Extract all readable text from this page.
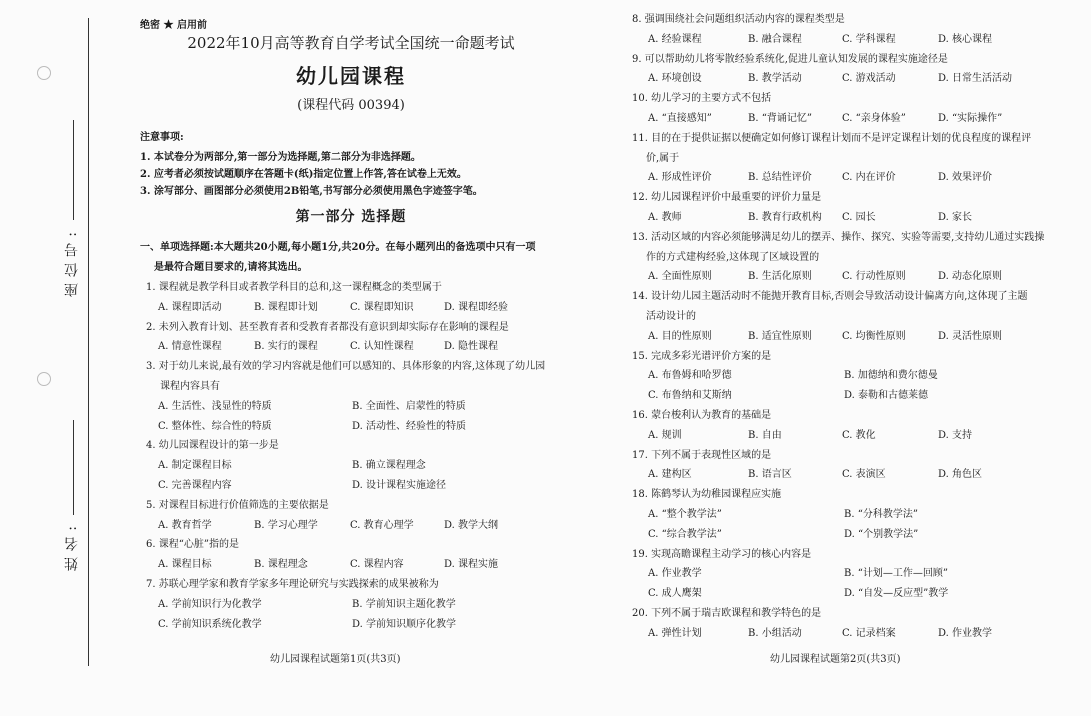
座位号:
姓名:
绝密 ★ 启用前
2022年10月高等教育自学考试全国统一命题考试
幼儿园课程
(课程代码 00394)
注意事项:
1. 本试卷分为两部分,第一部分为选择题,第二部分为非选择题。
2. 应考者必须按试题顺序在答题卡(纸)指定位置上作答,答在试卷上无效。
3. 涂写部分、画图部分必须使用2B铅笔,书写部分必须使用黑色字迹签字笔。
第一部分 选择题
一、单项选择题:本大题共20小题,每小题1分,共20分。在每小题列出的备选项中只有一项
是最符合题目要求的,请将其选出。
1. 课程就是教学科目或者教学科目的总和,这一课程概念的类型属于
A. 课程即活动	B. 课程即计划	C. 课程即知识	D. 课程即经验
2. 未列入教育计划、甚至教育者和受教育者都没有意识到却实际存在影响的课程是
A. 情意性课程	B. 实行的课程	C. 认知性课程	D. 隐性课程
3. 对于幼儿来说,最有效的学习内容就是他们可以感知的、具体形象的内容,这体现了幼儿园
课程内容具有
A. 生活性、浅显性的特质	B. 全面性、启蒙性的特质
C. 整体性、综合性的特质	D. 活动性、经验性的特质
4. 幼儿园课程设计的第一步是
A. 制定课程目标	B. 确立课程理念
C. 完善课程内容	D. 设计课程实施途径
5. 对课程目标进行价值筛选的主要依据是
A. 教育哲学	B. 学习心理学	C. 教育心理学	D. 教学大纲
6. 课程“心脏”指的是
A. 课程目标	B. 课程理念	C. 课程内容	D. 课程实施
7. 苏联心理学家和教育学家多年理论研究与实践探索的成果被称为
A. 学前知识行为化教学	B. 学前知识主题化教学
C. 学前知识系统化教学	D. 学前知识顺序化教学
幼儿园课程试题第1页(共3页)
8. 强调围绕社会问题组织活动内容的课程类型是
A. 经验课程	B. 融合课程	C. 学科课程	D. 核心课程
9. 可以帮助幼儿将零散经验系统化,促进儿童认知发展的课程实施途径是
A. 环境创设	B. 教学活动	C. 游戏活动	D. 日常生活活动
10. 幼儿学习的主要方式不包括
A. “直接感知”	B. “背诵记忆”	C. “亲身体验”	D. “实际操作”
11. 目的在于提供证据以便确定如何修订课程计划而不是评定课程计划的优良程度的课程评
价,属于
A. 形成性评价	B. 总结性评价	C. 内在评价	D. 效果评价
12. 幼儿园课程评价中最重要的评价力量是
A. 教师	B. 教育行政机构 C. 园长	D. 家长
13. 活动区域的内容必须能够满足幼儿的摆弄、操作、探究、实验等需要,支持幼儿通过实践操
作的方式建构经验,这体现了区域设置的
A. 全面性原则	B. 生活化原则	C. 行动性原则	D. 动态化原则
14. 设计幼儿园主题活动时不能抛开教育目标,否则会导致活动设计偏离方向,这体现了主题
活动设计的
A. 目的性原则	B. 适宜性原则	C. 均衡性原则	D. 灵活性原则
15. 完成多彩光谱评价方案的是
A. 布鲁姆和哈罗德	B. 加德纳和费尔德曼
C. 布鲁纳和艾斯纳	D. 泰勒和古德莱德
16. 蒙台梭利认为教育的基础是
A. 规训	B. 自由	C. 教化	D. 支持
17. 下列不属于表现性区域的是
A. 建构区	B. 语言区	C. 表演区	D. 角色区
18. 陈鹤琴认为幼稚园课程应实施
A. “整个教学法”	B. “分科教学法”
C. “综合教学法”	D. “个别教学法”
19. 实现高瞻课程主动学习的核心内容是
A. 作业教学	B. “计划—工作—回顾”
C. 成人鹰架	D. “自发—反应型”教学
20. 下列不属于瑞吉欧课程和教学特色的是
A. 弹性计划	B. 小组活动	C. 记录档案	D. 作业教学
幼儿园课程试题第2页(共3页)
